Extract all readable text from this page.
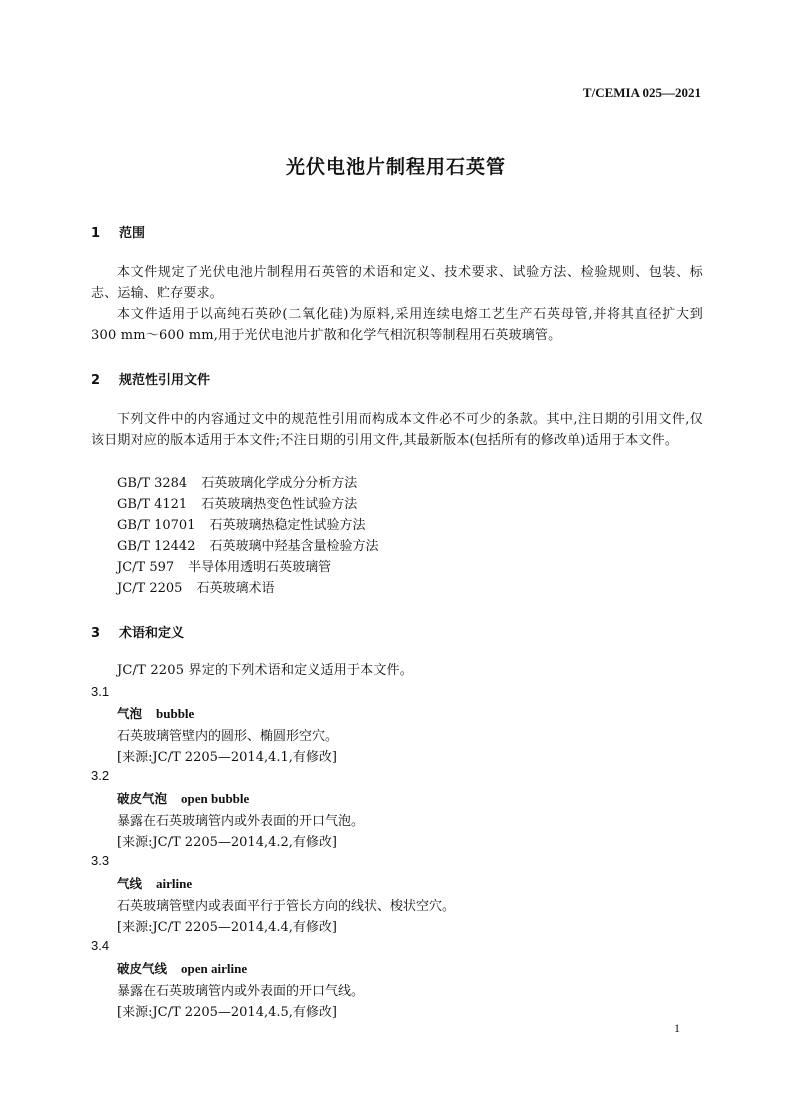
T/CEMIA 025—2021
光伏电池片制程用石英管
1 范围
本文件规定了光伏电池片制程用石英管的术语和定义、技术要求、试验方法、检验规则、包装、标志、运输、贮存要求。
本文件适用于以高纯石英砂(二氧化硅)为原料,采用连续电熔工艺生产石英母管,并将其直径扩大到 300 mm～600 mm,用于光伏电池片扩散和化学气相沉积等制程用石英玻璃管。
2 规范性引用文件
下列文件中的内容通过文中的规范性引用而构成本文件必不可少的条款。其中,注日期的引用文件,仅该日期对应的版本适用于本文件;不注日期的引用文件,其最新版本(包括所有的修改单)适用于本文件。
GB/T 3284 石英玻璃化学成分分析方法
GB/T 4121 石英玻璃热变色性试验方法
GB/T 10701 石英玻璃热稳定性试验方法
GB/T 12442 石英玻璃中羟基含量检验方法
JC/T 597 半导体用透明石英玻璃管
JC/T 2205 石英玻璃术语
3 术语和定义
JC/T 2205 界定的下列术语和定义适用于本文件。
3.1
气泡 bubble
石英玻璃管壁内的圆形、椭圆形空穴。
[来源:JC/T 2205—2014,4.1,有修改]
3.2
破皮气泡 open bubble
暴露在石英玻璃管内或外表面的开口气泡。
[来源:JC/T 2205—2014,4.2,有修改]
3.3
气线 airline
石英玻璃管壁内或表面平行于管长方向的线状、梭状空穴。
[来源:JC/T 2205—2014,4.4,有修改]
3.4
破皮气线 open airline
暴露在石英玻璃管内或外表面的开口气线。
[来源:JC/T 2205—2014,4.5,有修改]
1
